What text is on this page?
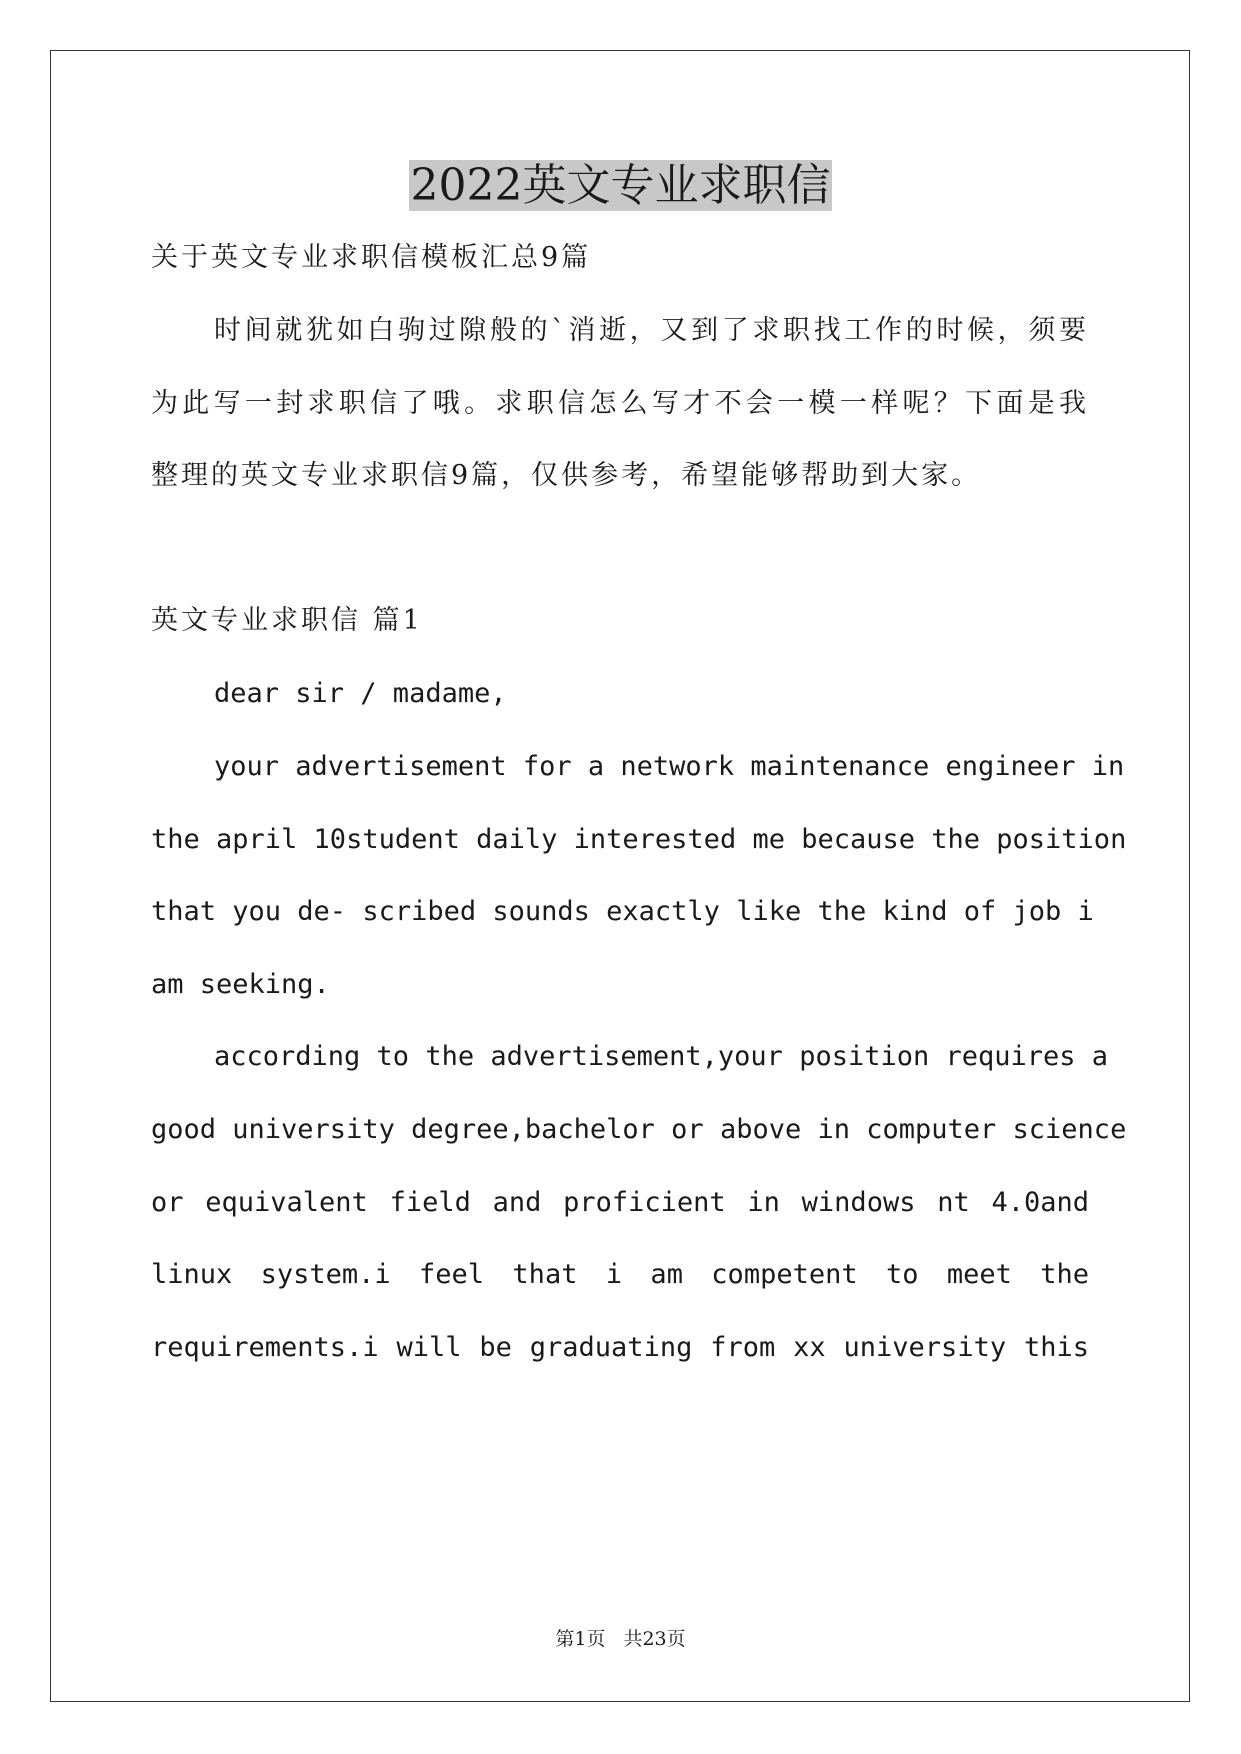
2022英文专业求职信

关于英文专业求职信模板汇总9篇

时间就犹如白驹过隙般的`消逝，又到了求职找工作的时候，须要

为此写一封求职信了哦。求职信怎么写才不会一模一样呢？下面是我

整理的英文专业求职信9篇，仅供参考，希望能够帮助到大家。

英文专业求职信 篇1

dear sir / madame,

your advertisement for a network maintenance engineer in

the april 10student daily interested me because the position

that you de- scribed sounds exactly like the kind of job i

am seeking.

according to the advertisement,your position requires a

good university degree,bachelor or above in computer science

or equivalent field and proficient in windows nt 4.0and

linux system.i feel that i am competent to meet the

requirements.i will be graduating from xx university this

第1页 共23页
